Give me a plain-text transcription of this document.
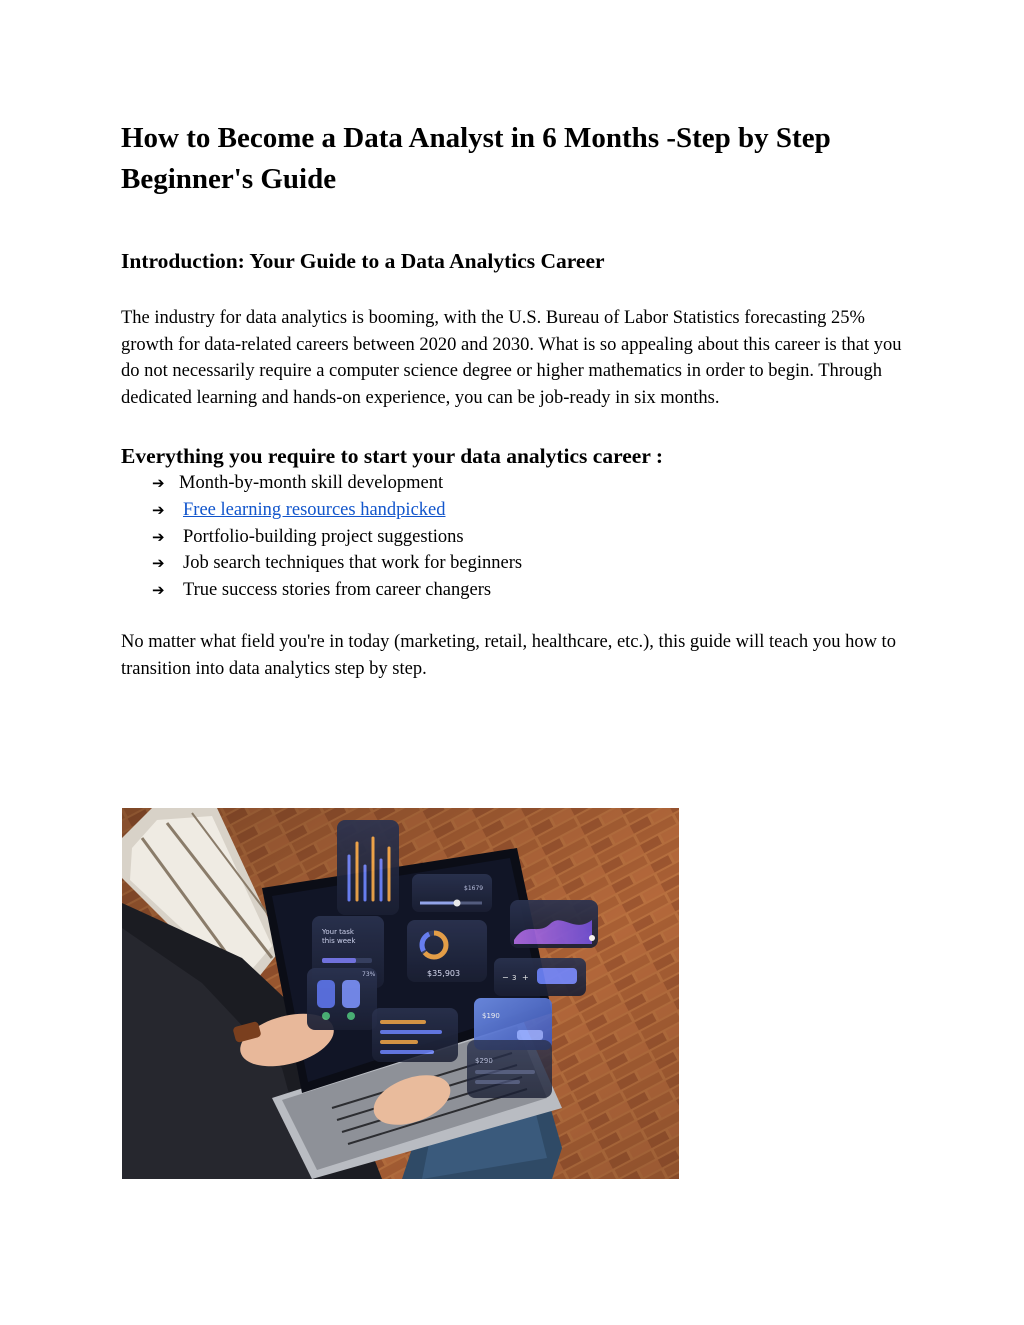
How to Become a Data Analyst in 6 Months -Step by Step Beginner's Guide
Introduction: Your Guide to a Data Analytics Career

The industry for data analytics is booming, with the U.S. Bureau of Labor Statistics forecasting 25% growth for data-related careers between 2020 and 2030. What is so appealing about this career is that you do not necessarily require a computer science degree or higher mathematics in order to begin. Through dedicated learning and hands-on experience, you can be job-ready in six months.

Everything you require to start your data analytics career :
➔ Month-by-month skill development
➔ Free learning resources handpicked
➔ Portfolio-building project suggestions
➔ Job search techniques that work for beginners
➔ True success stories from career changers

No matter what field you're in today (marketing, retail, healthcare, etc.), this guide will teach you how to transition into data analytics step by step.

$1679
$35,903
Your task
this week
73%	− 3 +
$190
$290
